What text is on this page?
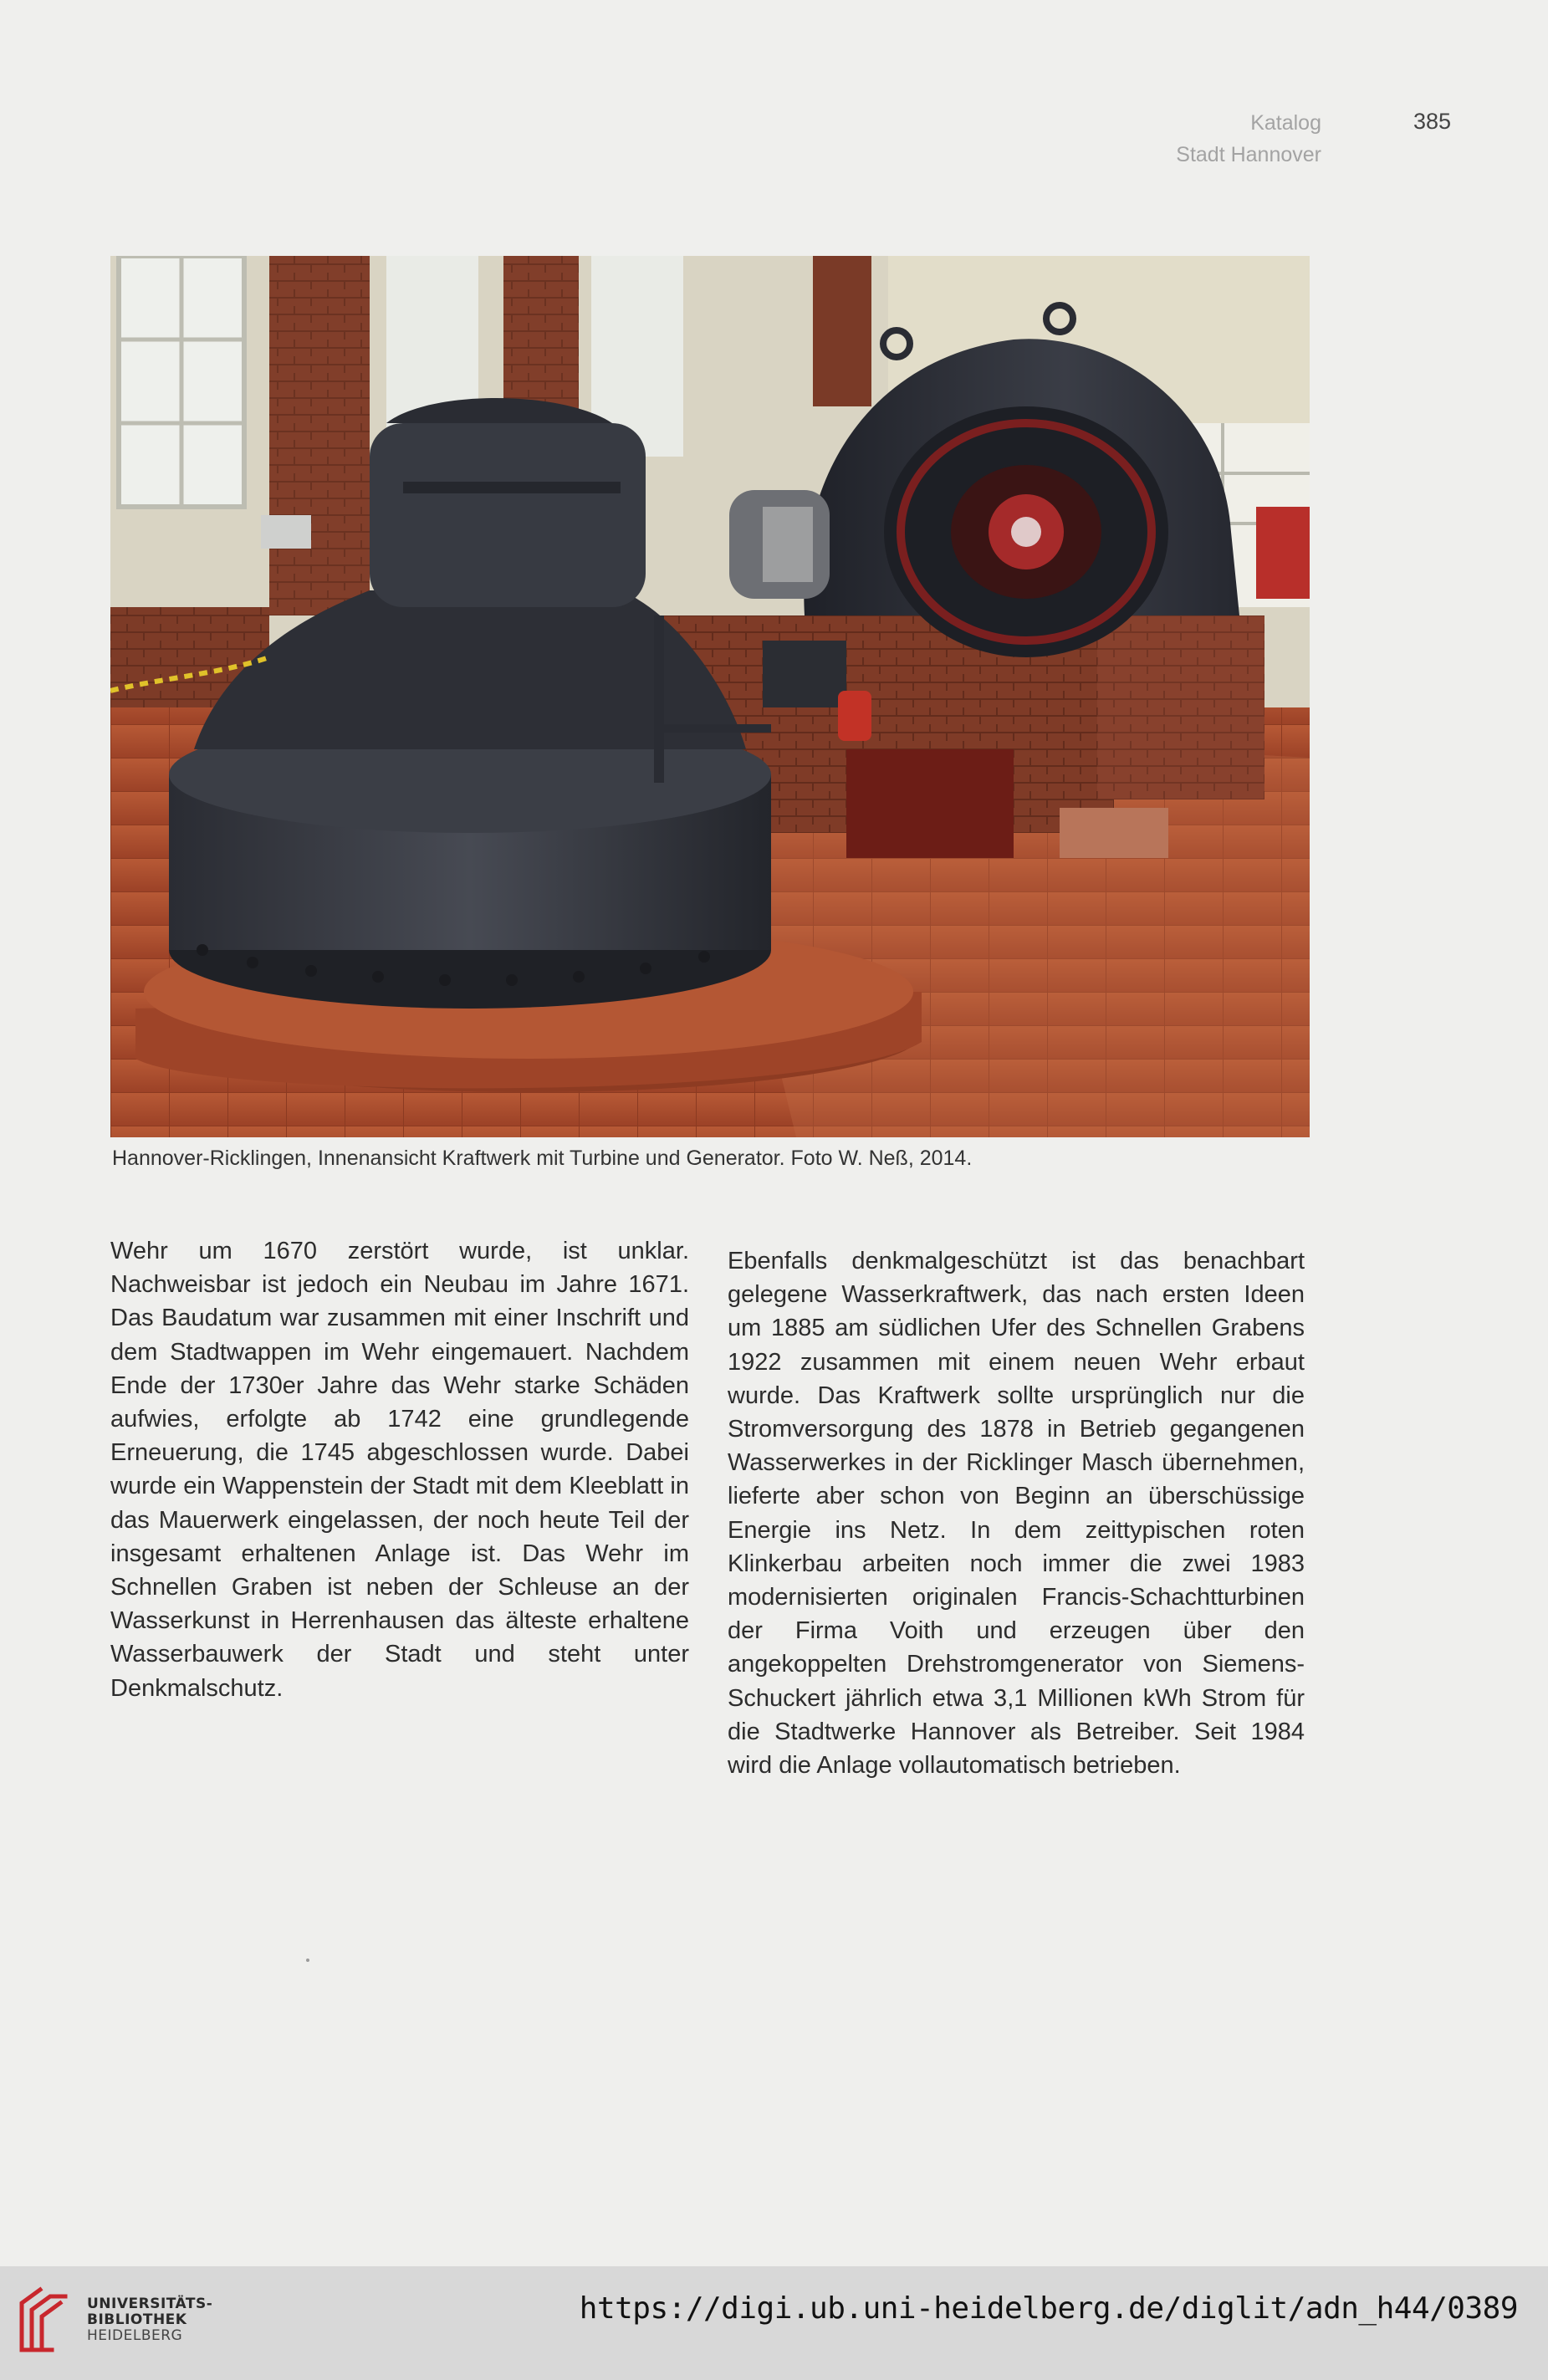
Katalog
Stadt Hannover
385
Hannover-Ricklingen, Innenansicht Kraftwerk mit Turbine und Generator. Foto W. Neß, 2014.
Wehr um 1670 zerstört wurde, ist unklar. Nachweisbar ist jedoch ein Neubau im Jahre 1671. Das Baudatum war zusammen mit einer Inschrift und dem Stadtwappen im Wehr eingemauert. Nachdem Ende der 1730er Jahre das Wehr starke Schäden aufwies, erfolgte ab 1742 eine grundlegende Erneuerung, die 1745 abgeschlossen wurde. Dabei wurde ein Wappenstein der Stadt mit dem Kleeblatt in das Mauerwerk eingelassen, der noch heute Teil der insgesamt erhaltenen Anlage ist. Das Wehr im Schnellen Graben ist neben der Schleuse an der Wasserkunst in Herrenhausen das älteste erhaltene Wasserbauwerk der Stadt und steht unter Denkmalschutz.
Ebenfalls denkmalgeschützt ist das benachbart gelegene Wasserkraftwerk, das nach ersten Ideen um 1885 am südlichen Ufer des Schnellen Grabens 1922 zusammen mit einem neuen Wehr erbaut wurde. Das Kraftwerk sollte ursprünglich nur die Stromversorgung des 1878 in Betrieb gegangenen Wasserwerkes in der Ricklinger Masch übernehmen, lieferte aber schon von Beginn an überschüssige Energie ins Netz. In dem zeittypischen roten Klinkerbau arbeiten noch immer die zwei 1983 modernisierten originalen Francis-Schachtturbinen der Firma Voith und erzeugen über den angekoppelten Drehstromgenerator von Siemens-Schuckert jährlich etwa 3,1 Millionen kWh Strom für die Stadtwerke Hannover als Betreiber. Seit 1984 wird die Anlage vollautomatisch betrieben.
UNIVERSITÄTS-
BIBLIOTHEK
HEIDELBERG
https://digi.ub.uni-heidelberg.de/diglit/adn_h44/0389
